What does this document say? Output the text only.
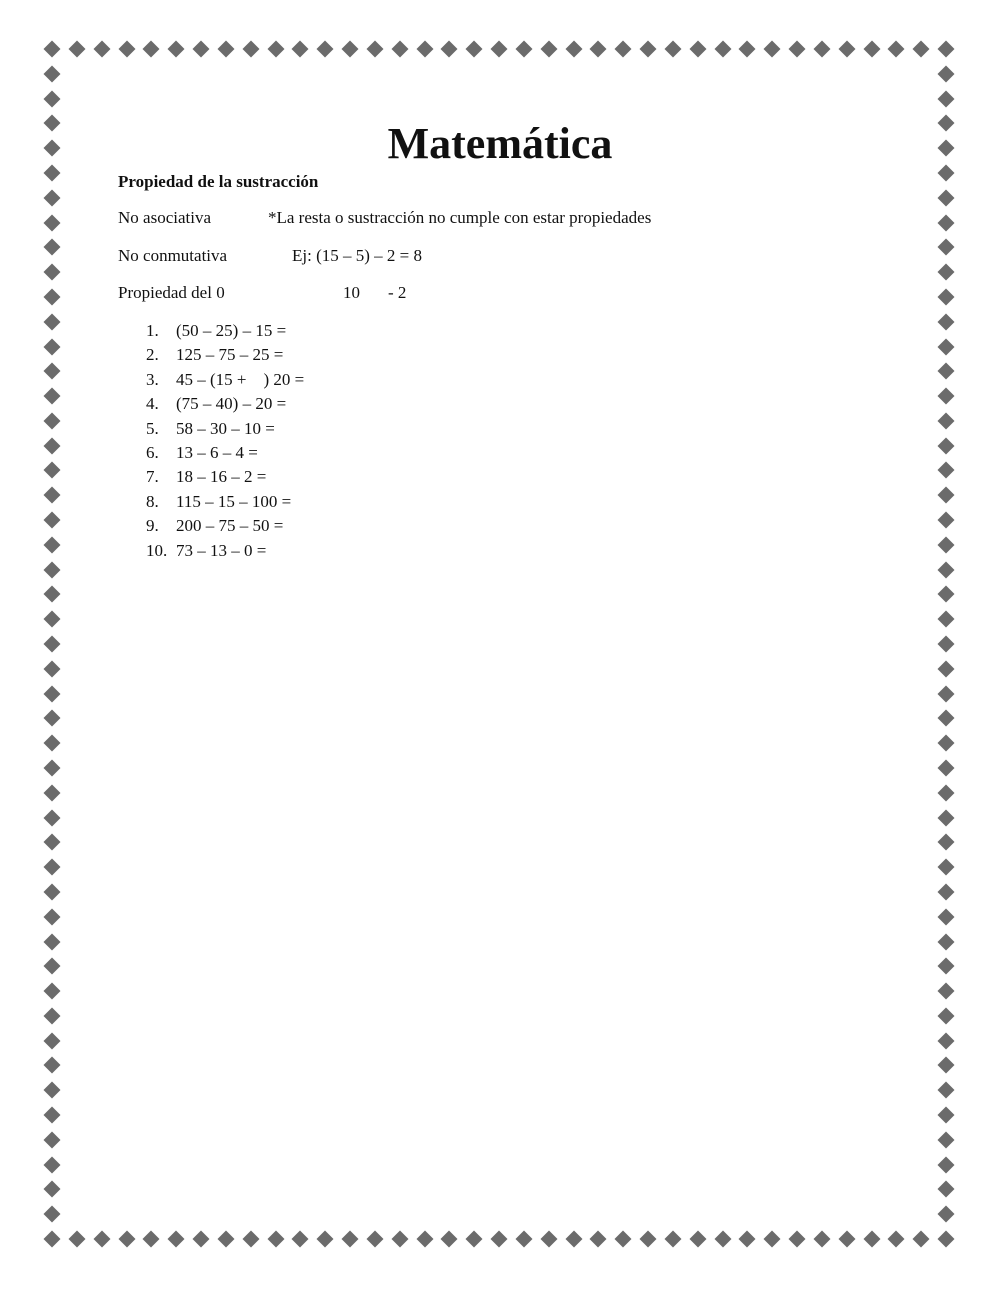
Matemática
Propiedad de la sustracción

No asociativa

	*La resta o sustracción no cumple con estar propiedades

No conmutativa

	Ej: (15 – 5) – 2 = 8

Propiedad del 0

	10

- 2

1. (50 – 25) – 15 =
2. 125 – 75 – 25 =
3. 45 – (15 +    ) 20 =
4. (75 – 40) – 20 =
5. 58 – 30 – 10 =
6. 13 – 6 – 4 =
7. 18 – 16 – 2 =
8. 115 – 15 – 100 =
9. 200 – 75 – 50 =
10. 73 – 13 – 0 =
